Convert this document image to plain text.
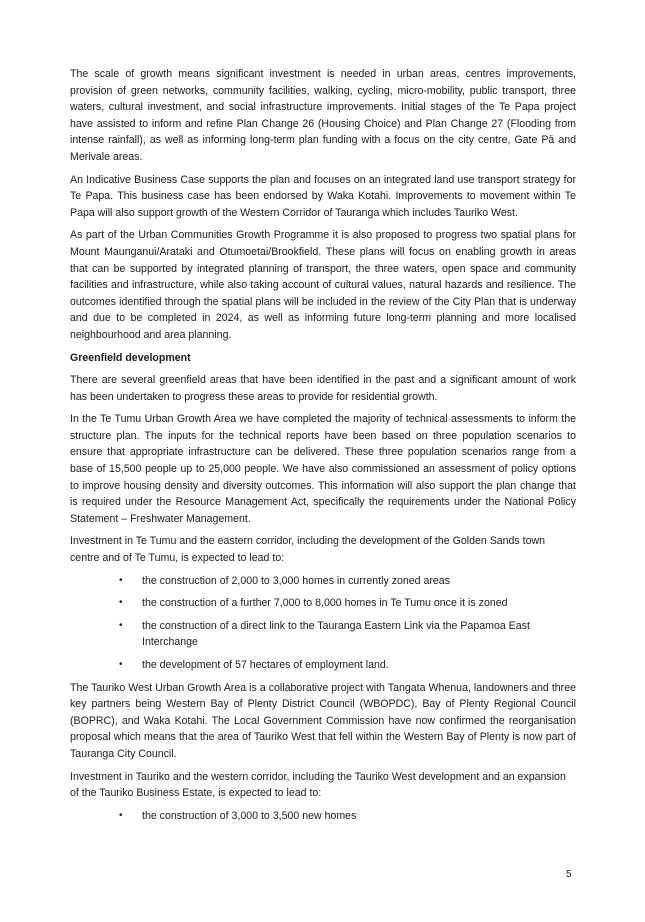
The scale of growth means significant investment is needed in urban areas, centres improvements, provision of green networks, community facilities, walking, cycling, micro-mobility, public transport, three waters, cultural investment, and social infrastructure improvements. Initial stages of the Te Papa project have assisted to inform and refine Plan Change 26 (Housing Choice) and Plan Change 27 (Flooding from intense rainfall), as well as informing long-term plan funding with a focus on the city centre, Gate Pā and Merivale areas.

An Indicative Business Case supports the plan and focuses on an integrated land use transport strategy for Te Papa. This business case has been endorsed by Waka Kotahi. Improvements to movement within Te Papa will also support growth of the Western Corridor of Tauranga which includes Tauriko West.

As part of the Urban Communities Growth Programme it is also proposed to progress two spatial plans for Mount Maunganui/Arataki and Otumoetai/Brookfield. These plans will focus on enabling growth in areas that can be supported by integrated planning of transport, the three waters, open space and community facilities and infrastructure, while also taking account of cultural values, natural hazards and resilience. The outcomes identified through the spatial plans will be included in the review of the City Plan that is underway and due to be completed in 2024, as well as informing future long-term planning and more localised neighbourhood and area planning.

Greenfield development

There are several greenfield areas that have been identified in the past and a significant amount of work has been undertaken to progress these areas to provide for residential growth.

In the Te Tumu Urban Growth Area we have completed the majority of technical assessments to inform the structure plan. The inputs for the technical reports have been based on three population scenarios to ensure that appropriate infrastructure can be delivered. These three population scenarios range from a base of 15,500 people up to 25,000 people. We have also commissioned an assessment of policy options to improve housing density and diversity outcomes. This information will also support the plan change that is required under the Resource Management Act, specifically the requirements under the National Policy Statement – Freshwater Management.

Investment in Te Tumu and the eastern corridor, including the development of the Golden Sands town centre and of Te Tumu, is expected to lead to:

• the construction of 2,000 to 3,000 homes in currently zoned areas
• the construction of a further 7,000 to 8,000 homes in Te Tumu once it is zoned
• the construction of a direct link to the Tauranga Eastern Link via the Papamoa East Interchange
• the development of 57 hectares of employment land.

The Tauriko West Urban Growth Area is a collaborative project with Tangata Whenua, landowners and three key partners being Western Bay of Plenty District Council (WBOPDC), Bay of Plenty Regional Council (BOPRC), and Waka Kotahi. The Local Government Commission have now confirmed the reorganisation proposal which means that the area of Tauriko West that fell within the Western Bay of Plenty is now part of Tauranga City Council.

Investment in Tauriko and the western corridor, including the Tauriko West development and an expansion of the Tauriko Business Estate, is expected to lead to:

• the construction of 3,000 to 3,500 new homes
5
